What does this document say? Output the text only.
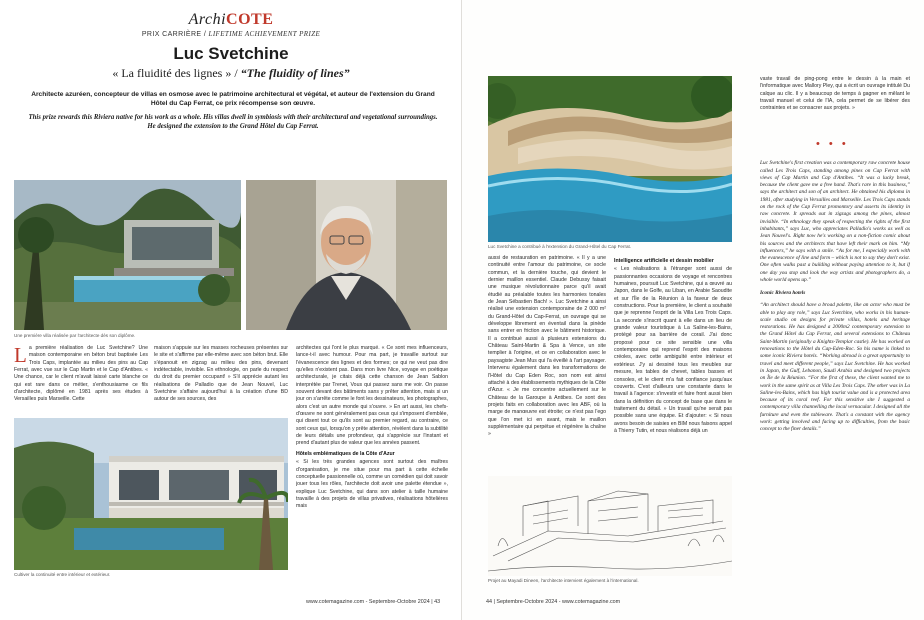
ArchiCOTE
PRIX CARRIÈRE / LIFETIME ACHIEVEMENT PRIZE
Luc Svetchine
« La fluidité des lignes » / “The fluidity of lines”
Architecte azuréen, concepteur de villas en osmose avec le patrimoine architectural et végétal, et auteur de l'extension du Grand Hôtel du Cap Ferrat, ce prix récompense son œuvre.
This prize rewards this Riviera native for his work as a whole. His villas dwell in symbiosis with their architectural and vegetational surroundings. He designed the extension to the Grand Hôtel du Cap Ferrat.
Une première villa réalisée par l'architecte dès son diplôme.

La première réalisation de Luc Svetchine? Une maison contemporaine en béton brut baptisée Les Trois Caps, implantée au milieu des pins au Cap Ferrat, avec vue sur le Cap Martin et le Cap d'Antibes. « Une chance, car le client m'avait laissé carte blanche ce qui est rare dans ce métier, s'enthousiasme ce fils d'architecte, diplômé en 1981 après ses études à Versailles puis Marseille. Cette

maison s'appuie sur les masses rocheuses présentes sur le site et s'affirme par elle-même avec son béton brut. Elle s'épanouit en zigzag au milieu des pins, devenant indétectable, invisible. En ethnologie, on parle du respect du droit du premier occupant! » S'il apprécie autant les réalisations de Palladio que de Jean Nouvel, Luc Svetchine s'affaire aujourd'hui à la création d'une BD autour de ses sources, des

architectes qui l'ont le plus marqué. « Ce sont mes influenceurs, lance-t-il avec humour. Pour ma part, je travaille surtout sur l'évanescence des lignes et des formes; ce qui ne veut pas dire qu'elles n'existent pas. Dans mon livre Nice, voyage en poétique architecturale, je citais déjà cette chanson de Jean Sablon interprétée par Trenet, Vous qui passez sans me voir. On passe souvent devant des bâtiments sans y prêter attention, mais si un jour on s'arrête comme le font les dessinateurs, les photographes, alors c'est un autre monde qui s'ouvre. » En art aussi, les chefs-d'œuvre ne sont généralement pas ceux qui s'imposent d'emblée, qui disent tout ce qu'ils sont au premier regard, au contraire, ce sont ceux qui, lorsqu'on y prête attention, révèlent dans la subtilité de leurs détails une profondeur, qui s'apprécie sur l'instant et prend d'autant plus de valeur que les années passent.

Hôtels emblématiques de la Côte d'Azur

« Si les très grandes agences sont surtout des maîtres d'organisation, je me situe pour ma part à cette échelle conceptuelle passionnelle où, comme un comédien qui doit savoir jouer tous les rôles, l'architecte doit avoir une palette étendue », explique Luc Svetchine, qui dans son atelier à taille humaine travaille à des projets de villas privatives, réalisations hôtelières mais

Cultiver la continuité entre intérieur et extérieur.
www.cotemagazine.com - Septembre-Octobre 2024 | 43
Luc Svetchine a contribué à l'extension du Grand-Hôtel du Cap Ferrat.

aussi de restauration en patrimoine. « Il y a une continuité entre l'amour du patrimoine, ce socle commun, et la dernière touche, qui devient le dernier maillon essentiel. Claude Debussy faisait une musique révolutionnaire parce qu'il avait étudié au préalable toutes les harmonies tonales de Jean Sébastien Bach! ». Luc Svetchine a ainsi réalisé une extension contemporaine de 2 000 m² du Grand-Hôtel du Cap-Ferrat, un ouvrage qui se développe librement en éventail dans la pinède sans entrer en friction avec le bâtiment historique. Il a contribué aussi à plusieurs extensions du Château Saint-Martin & Spa à Vence, un site templier à l'origine, et ce en collaboration avec le paysagiste Jean Mus qui l'a éveillé à l'art paysager. Intervenu également dans les transformations de l'Hôtel du Cap Eden Roc, son nom est ainsi attaché à des établissements mythiques de la Côte d'Azur. « Je me concentre actuellement sur le Château de la Garoupe à Antibes. Ce sont des projets faits en collaboration avec les ABF, où la marge de manœuvre est étroite; ce n'est pas l'ego que l'on met ici en avant, mais le maillon supplémentaire qui perpétue et régénère la chaîne »

Intelligence artificielle et dessin mobilier

« Les réalisations à l'étranger sont aussi de passionnantes occasions de voyage et rencontres humaines, poursuit Luc Svetchine, qui a œuvré au Japon, dans le Golfe, au Liban, en Arabie Saoudite et sur l'Île de la Réunion à la faveur de deux constructions. Pour la première, le client a souhaité que je reprenne l'esprit de la Villa Les Trois Caps. La seconde s'inscrit quant à elle dans un lieu de grande valeur touristique à La Saline-les-Bains, protégé pour sa barrière de corail. J'ai donc proposé pour ce site sensible une villa contemporaine qui reprend l'esprit des maisons créoles, avec cette ambiguïté entre intérieur et extérieur. J'y ai dessiné tous les meubles sur mesure, les tables de chevet, tables basses et consoles, et le client m'a fait confiance jusqu'aux couverts. C'est d'ailleurs une constante dans le travail à l'agence: s'investir et faire front aussi bien dans la définition du concept de base que dans le traitement du détail. » Un travail qu'ne serait pas possible sans une équipe. Et d'ajouter: « Si nous avons besoin de saisies en BIM nous faisons appel à Thierry Tutin, et nous réalisons déjà un

Projet au Mayadi Dineen, l'architecte intervient également à l'international.

vaste travail de ping-pong entre le dessin à la main et l'informatique avec Mallory Pley, qui a écrit un ouvrage intitulé Du calque au clic. Il y a beaucoup de temps à gagner en mêlant le travail manuel et celui de l'IA, cela permet de se libérer des contraintes et se consacrer aux projets. »

• • •

Luc Svetchine's first creation was a contemporary raw concrete house called Les Trois Caps, standing among pines on Cap Ferrat with views of Cap Martin and Cap d'Antibes. “It was a lucky break, because the client gave me a free hand. That's rare in this business,” says the architect and son of an architect. He obtained his diploma in 1981, after studying in Versailles and Marseille. Les Trois Caps stands on the rock of the Cap Ferrat promontory and asserts its identity in raw concrete. It spreads out in zigzags among the pines, almost invisible. “In ethnology they speak of respecting the rights of the first inhabitants,” says Luc, who appreciates Palladio's works as well as Jean Nouvel's. Right now he's working on a non-fiction comic about his sources and the architects that have left their mark on him. “My influencers,” he says with a smile. “As for me, I especially work with the evanescence of line and form – which is not to say they don't exist. One often walks past a building without paying attention to it, but if one day you stop and look the way artists and photographers do, a whole world opens up.”

Iconic Riviera hotels

“An architect should have a broad palette, like an actor who must be able to play any role,” says Luc Svetchine, who works in his human-scale studio on designs for private villas, hotels and heritage restorations. He has designed a 2000m2 contemporary extension to the Grand Hôtel du Cap Ferrat, and several extensions to Château Saint-Martin (originally a Knights-Templar castle). He has worked on renovations to the Hôtel du Cap-Eden-Roc. So his name is linked to some iconic Riviera hotels. “Working abroad is a great opportunity to travel and meet different people,” says Luc Svetchine. He has worked in Japan, the Gulf, Lebanon, Saudi Arabia and designed two projects on Île de la Réunion. “For the first of these, the client wanted me to work in the same spirit as at Villa Les Trois Caps. The other was in La Saline-les-Bains, which has high tourist value and is a protected area because of its coral reef. For this sensitive site I suggested a contemporary villa channelling the local vernacular. I designed all the furniture and even the tableware. That's a constant with the agency work: getting involved and facing up to difficulties, from the basic concept to the finer details.”

44 | Septembre-Octobre 2024 - www.cotemagazine.com
